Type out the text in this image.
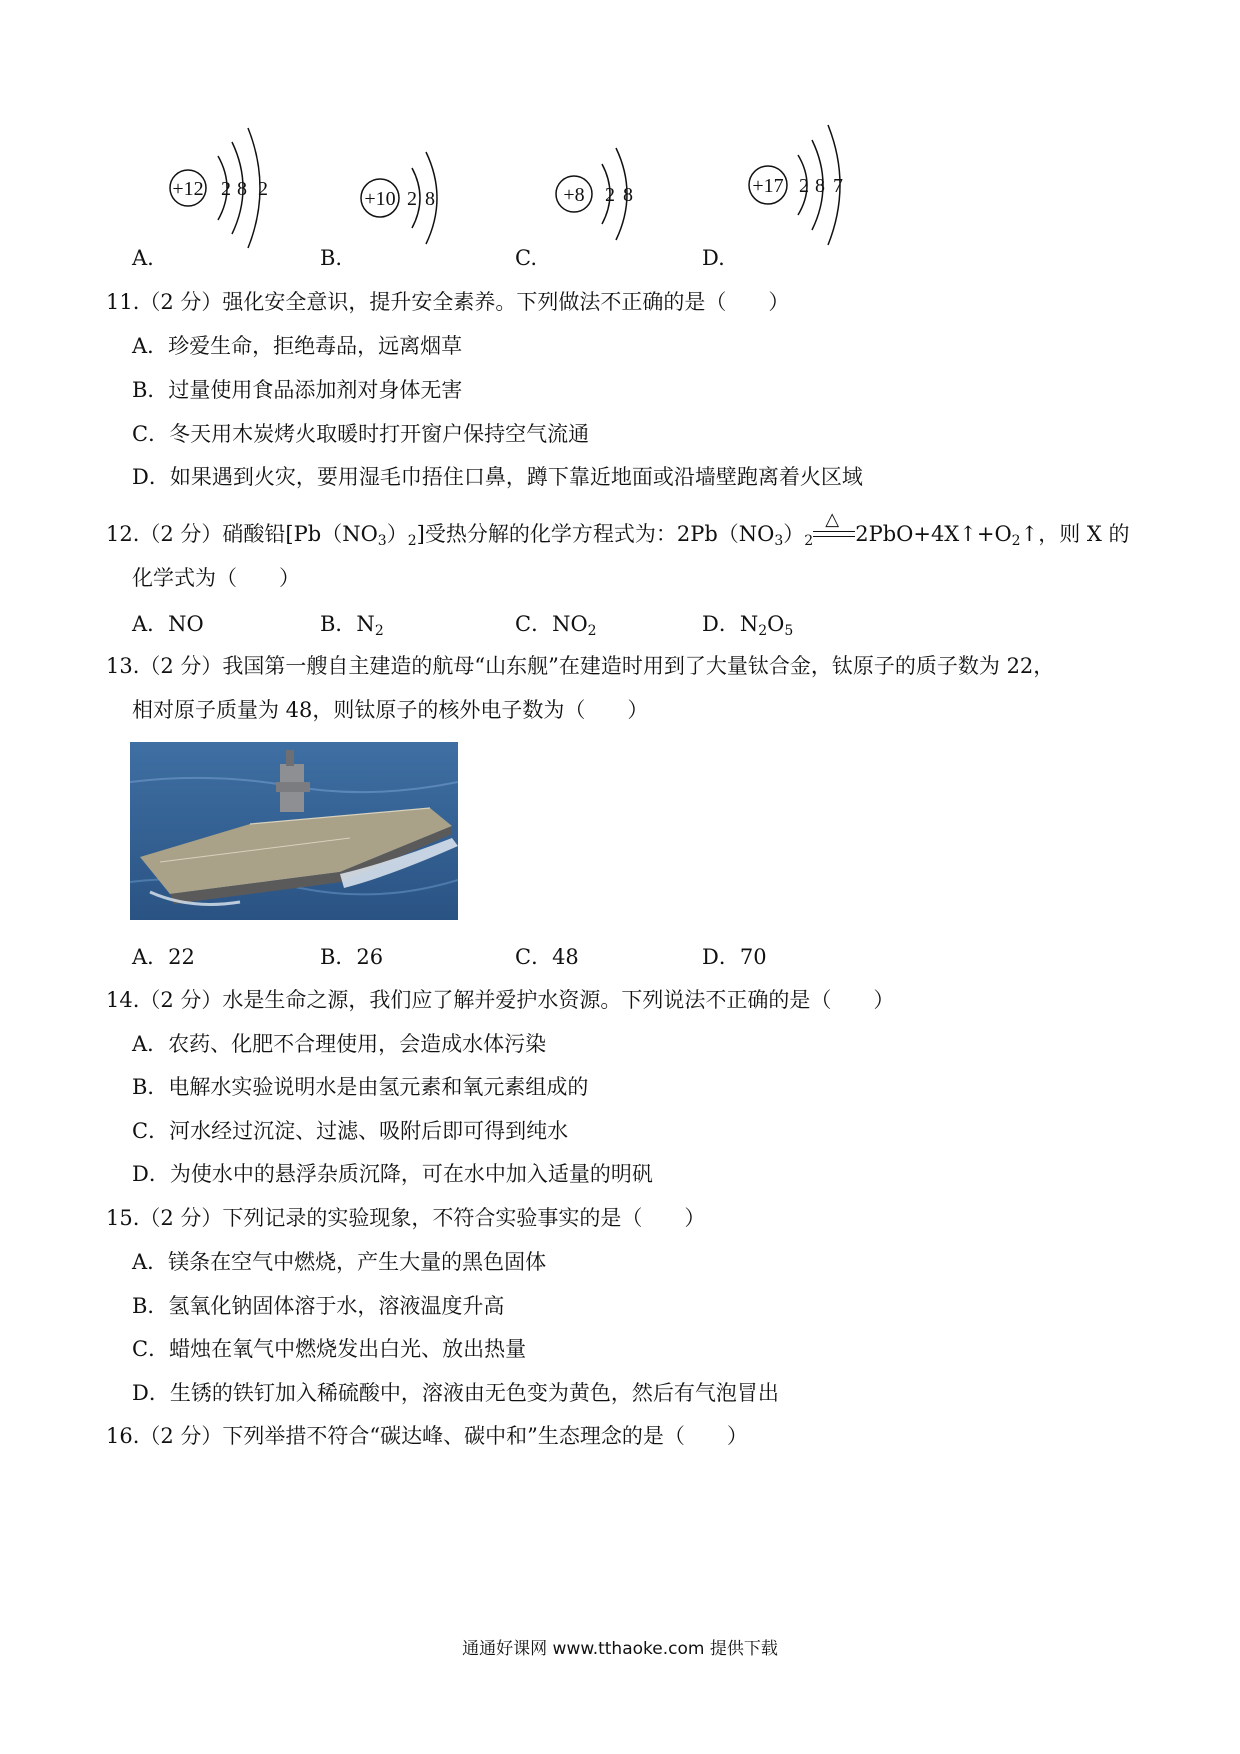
+12 2 8 2	+10 2 8	+8 2 8	+17 2 8 7
A.	B.	C.	D.
11.（2 分）强化安全意识，提升安全素养。下列做法不正确的是（　　）
A．珍爱生命，拒绝毒品，远离烟草
B．过量使用食品添加剂对身体无害
C．冬天用木炭烤火取暖时打开窗户保持空气流通
D．如果遇到火灾，要用湿毛巾捂住口鼻，蹲下靠近地面或沿墙壁跑离着火区域
12.（2 分）硝酸铅$[Pb(NO_3)_2]$受热分解的化学方程式为：$2Pb(NO_3)_2$
△
$2PbO+4X↑+O_2↑$，则 X 的
化学式为（　　）
A．NO	B．$N_2$	C．$NO_2$	D．$N_2O_5$
13.（2 分）我国第一艘自主建造的航母“山东舰”在建造时用到了大量钛合金，钛原子的质子数为 22，
相对原子质量为 48，则钛原子的核外电子数为（　　）
A．22	B．26	C．48	D．70
14.（2 分）水是生命之源，我们应了解并爱护水资源。下列说法不正确的是（　　）
A．农药、化肥不合理使用，会造成水体污染
B．电解水实验说明水是由氢元素和氧元素组成的
C．河水经过沉淀、过滤、吸附后即可得到纯水
D．为使水中的悬浮杂质沉降，可在水中加入适量的明矾
15.（2 分）下列记录的实验现象，不符合实验事实的是（　　）
A．镁条在空气中燃烧，产生大量的黑色固体
B．氢氧化钠固体溶于水，溶液温度升高
C．蜡烛在氧气中燃烧发出白光、放出热量
D．生锈的铁钉加入稀硫酸中，溶液由无色变为黄色，然后有气泡冒出
16.（2 分）下列举措不符合“碳达峰、碳中和”生态理念的是（　　）
通通好课网 www.tthaoke.com 提供下载
